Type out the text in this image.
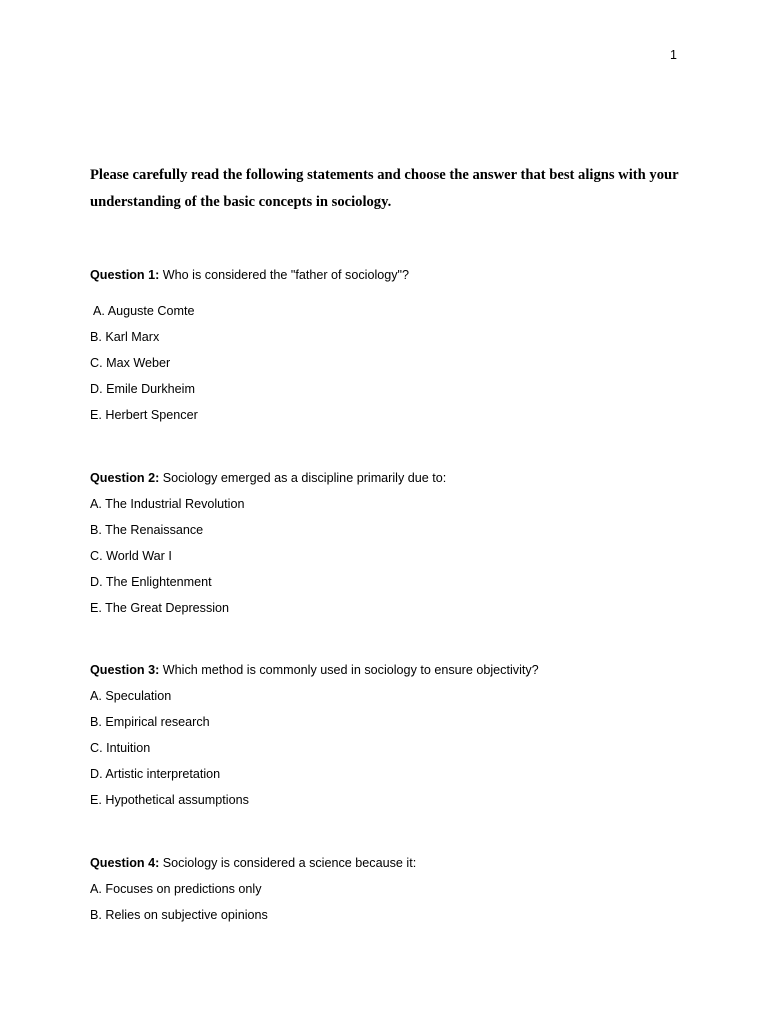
1
Please carefully read the following statements and choose the answer that best aligns with your understanding of the basic concepts in sociology.
Question 1: Who is considered the "father of sociology"?
A. Auguste Comte
B. Karl Marx
C. Max Weber
D. Emile Durkheim
E. Herbert Spencer
Question 2: Sociology emerged as a discipline primarily due to:
A. The Industrial Revolution
B. The Renaissance
C. World War I
D. The Enlightenment
E. The Great Depression
Question 3: Which method is commonly used in sociology to ensure objectivity?
A. Speculation
B. Empirical research
C. Intuition
D. Artistic interpretation
E. Hypothetical assumptions
Question 4: Sociology is considered a science because it:
A. Focuses on predictions only
B. Relies on subjective opinions
